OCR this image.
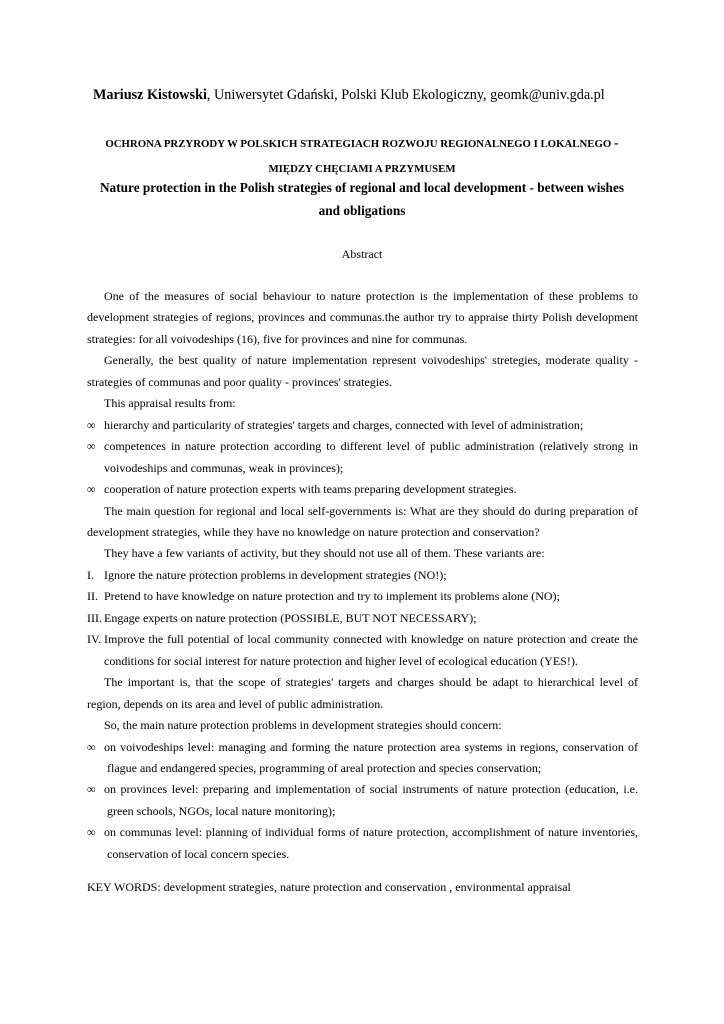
Mariusz Kistowski, Uniwersytet Gdański, Polski Klub Ekologiczny, geomk@univ.gda.pl
OCHRONA PRZYRODY W POLSKICH STRATEGIACH ROZWOJU REGIONALNEGO I LOKALNEGO -
MIĘDZY CHĘCIAMI A PRZYMUSEM
Nature protection in the Polish strategies of regional and local development - between wishes
and obligations
Abstract

One of the measures of social behaviour to nature protection is the implementation of these problems to development strategies of regions, provinces and communas.the author try to appraise thirty Polish development strategies: for all voivodeships (16), five for provinces and nine for communas.

Generally, the best quality of nature implementation represent voivodeships' stretegies, moderate quality - strategies of communas and poor quality - provinces' strategies.

This appraisal results from:

∞ hierarchy and particularity of strategies' targets and charges, connected with level of administration;
∞ competences in nature protection according to different level of public administration (relatively strong in voivodeships and communas, weak in provinces);
∞ cooperation of nature protection experts with teams preparing development strategies.

The main question for regional and local self-governments is: What are they should do during preparation of development strategies, while they have no knowledge on nature protection and conservation?

They have a few variants of activity, but they should not use all of them. These variants are:

I. Ignore the nature protection problems in development strategies (NO!);
II. Pretend to have knowledge on nature protection and try to implement its problems alone (NO);
III. Engage experts on nature protection (POSSIBLE, BUT NOT NECESSARY);
IV. Improve the full potential of local community connected with knowledge on nature protection and create the conditions for social interest for nature protection and higher level of ecological education (YES!).

The important is, that the scope of strategies' targets and charges should be adapt to hierarchical level of region, depends on its area and level of public administration.

So, the main nature protection problems in development strategies should concern:

∞ on voivodeships level: managing and forming the nature protection area systems in regions, conservation of flague and endangered species, programming of areal protection and species conservation;
∞ on provinces level: preparing and implementation of social instruments of nature protection (education, i.e. green schools, NGOs, local nature monitoring);
∞ on communas level: planning of individual forms of nature protection, accomplishment of nature inventories, conservation of local concern species.
KEY WORDS: development strategies, nature protection and conservation , environmental appraisal
